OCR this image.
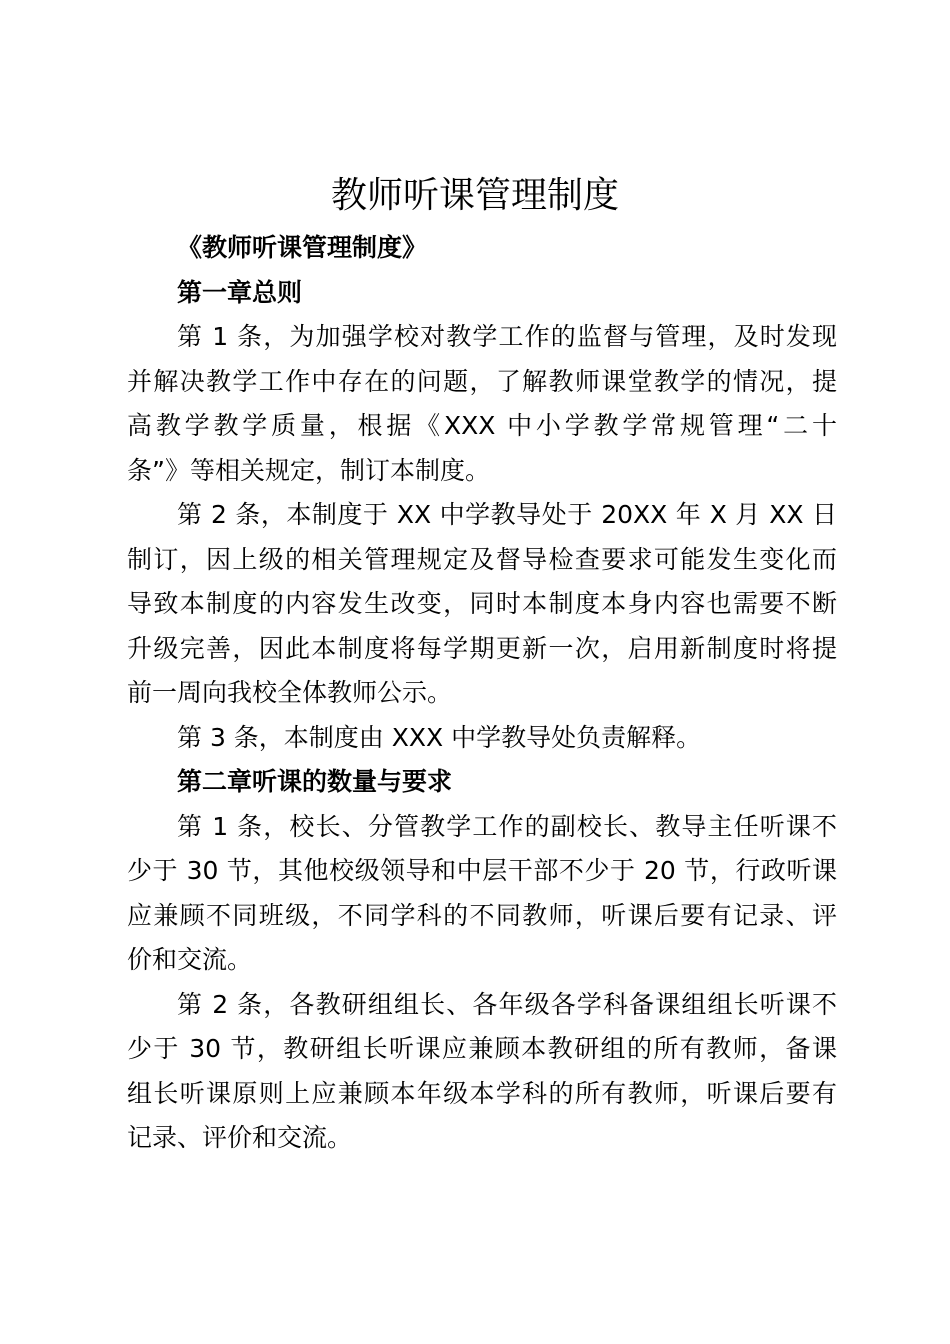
教师听课管理制度
《教师听课管理制度》
第一章总则
第 1 条，为加强学校对教学工作的监督与管理，及时发现
并解决教学工作中存在的问题，了解教师课堂教学的情况，提
高教学教学质量，根据《XXX 中小学教学常规管理“二十
条”》等相关规定，制订本制度。
第 2 条，本制度于 XX 中学教导处于 20XX 年 X 月 XX 日
制订，因上级的相关管理规定及督导检查要求可能发生变化而
导致本制度的内容发生改变，同时本制度本身内容也需要不断
升级完善，因此本制度将每学期更新一次，启用新制度时将提
前一周向我校全体教师公示。
第 3 条，本制度由 XXX 中学教导处负责解释。
第二章听课的数量与要求
第 1 条，校长、分管教学工作的副校长、教导主任听课不
少于 30 节，其他校级领导和中层干部不少于 20 节，行政听课
应兼顾不同班级，不同学科的不同教师，听课后要有记录、评
价和交流。
第 2 条，各教研组组长、各年级各学科备课组组长听课不
少于 30 节，教研组长听课应兼顾本教研组的所有教师，备课
组长听课原则上应兼顾本年级本学科的所有教师，听课后要有
记录、评价和交流。
